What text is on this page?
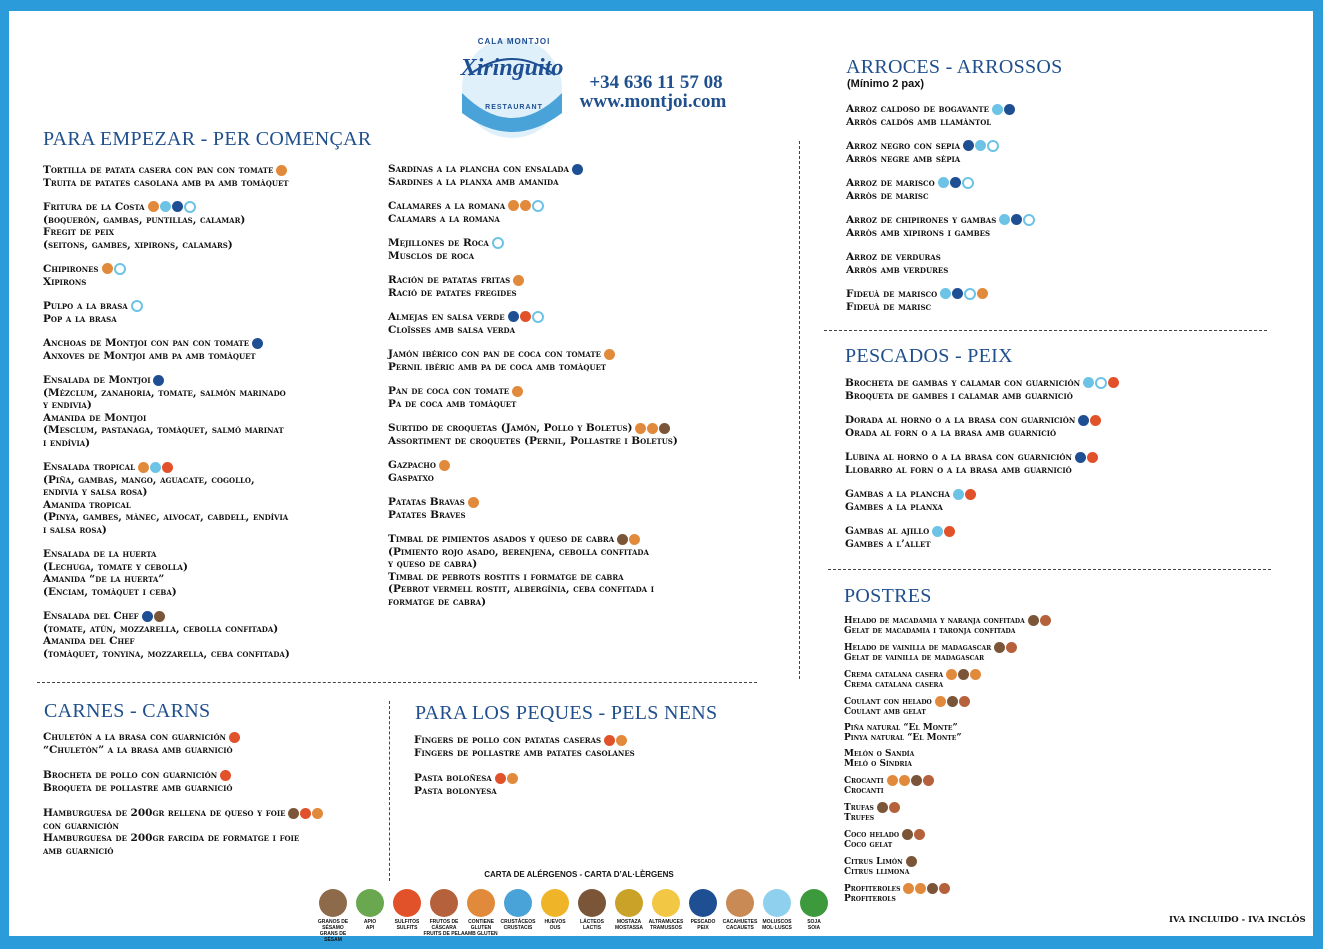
CALA MONTJOI
Xiringuito
RESTAURANT
+34 636 11 57 08
www.montjoi.com
PARA EMPEZAR - PER COMENÇAR
Tortilla de patata casera con pan con tomate
Truita de patates casolana amb pa amb tomàquet
Fritura de la Costa
(boquerón, gambas, puntillas, calamar)
Fregit de peix
(seitons, gambes, xipirons, calamars)
Chipirones
Xipirons
Pulpo a la brasa
Pop a la brasa
Anchoas de Montjoi con pan con tomate
Anxoves de Montjoi amb pa amb tomàquet
Ensalada de Montjoi
(Mézclum, zanahoria, tomate, salmón marinado
y endivia)
Amanida de Montjoi
(Mesclum, pastanaga, tomàquet, salmó marinat
i endívia)
Ensalada tropical
(Piña, gambas, mango, aguacate, cogollo,
endivia y salsa rosa)
Amanida tropical
(Pinya, gambes, mànec, alvocat, cabdell, endívia
i salsa rosa)
Ensalada de la huerta
(Lechuga, tomate y cebolla)
Amanida “de la huerta”
(Enciam, tomàquet i ceba)
Ensalada del Chef
(tomate, atún, mozzarella, cebolla confitada)
Amanida del Chef
(tomàquet, tonyina, mozzarella, ceba confitada)
Sardinas a la plancha con ensalada
Sardines a la planxa amb amanida
Calamares a la romana
Calamars a la romana
Mejillones de Roca
Musclos de roca
Ración de patatas fritas
Ració de patates fregides
Almejas en salsa verde
Cloïsses amb salsa verda
Jamón ibérico con pan de coca con tomate
Pernil ibèric amb pa de coca amb tomàquet
Pan de coca con tomate
Pa de coca amb tomàquet
Surtido de croquetas (Jamón, Pollo y Boletus)
Assortiment de croquetes (Pernil, Pollastre i Boletus)
Gazpacho
Gaspatxo
Patatas Bravas
Patates Braves
Timbal de pimientos asados y queso de cabra
(Pimiento rojo asado, berenjena, cebolla confitada
y queso de cabra)
Timbal de pebrots rostits i formatge de cabra
(Pebrot vermell rostit, albergínia, ceba confitada i
formatge de cabra)
CARNES - CARNS
Chuletón a la brasa con guarnición
“Chuletón” a la brasa amb guarnició
Brocheta de pollo con guarnición
Broqueta de pollastre amb guarnició
Hamburguesa de 200gr rellena de queso y foie
con guarnición
Hamburguesa de 200gr farcida de formatge i foie
amb guarnició
PARA LOS PEQUES - PELS NENS
Fingers de pollo con patatas caseras
Fingers de pollastre amb patates casolanes
Pasta boloñesa
Pasta bolonyesa
ARROCES - ARROSSOS
(Mínimo 2 pax)
Arroz caldoso de bogavante
Arròs caldós amb llamàntol
Arroz negro con sepia
Arròs negre amb sèpia
Arroz de marisco
Arròs de marisc
Arroz de chipirones y gambas
Arròs amb xipirons i gambes
Arroz de verduras
Arròs amb verdures
Fideuà de marisco
Fideuà de marisc
PESCADOS - PEIX
Brocheta de gambas y calamar con guarnición
Broqueta de gambes i calamar amb guarnició
Dorada al horno o a la brasa con guarnición
Orada al forn o a la brasa amb guarnició
Lubina al horno o a la brasa con guarnición
Llobarro al forn o a la brasa amb guarnició
Gambas a la plancha
Gambes a la planxa
Gambas al ajillo
Gambes a l’allet
POSTRES
Helado de macadamia y naranja confitada
Gelat de macadamia i taronja confitada
Helado de vainilla de madagascar
Gelat de vainilla de madagascar
Crema catalana casera
Crema catalana casera
Coulant con helado
Coulant amb gelat
Piña natural “El Monte”
Pinya natural “El Monte”
Melón o Sandía
Meló o Síndria
Crocanti
Crocanti
Trufas
Trufes
Coco helado
Coco gelat
Citrus Limón
Citrus llimona
Profiteroles
Profiterols
CARTA DE ALÉRGENOS - CARTA D’AL·LÈRGENS
GRANOS DE SÉSAMO
GRANS DE SÈSAM
APIO
API
SULFITOS
SULFITS
FRUTOS DE CÁSCARA
FRUITS DE PELA
CONTIENE GLUTEN
AMB GLUTEN
CRUSTÁCEOS
CRUSTACIS
HUEVOS
OUS
LÁCTEOS
LACTIS
MOSTAZA
MOSTASSA
ALTRAMUCES
TRAMUSSOS
PESCADO
PEIX
CACAHUETES
CACAUETS
MOLUSCOS
MOL·LUSCS
SOJA
SOIA
IVA INCLUIDO - IVA INCLÒS
